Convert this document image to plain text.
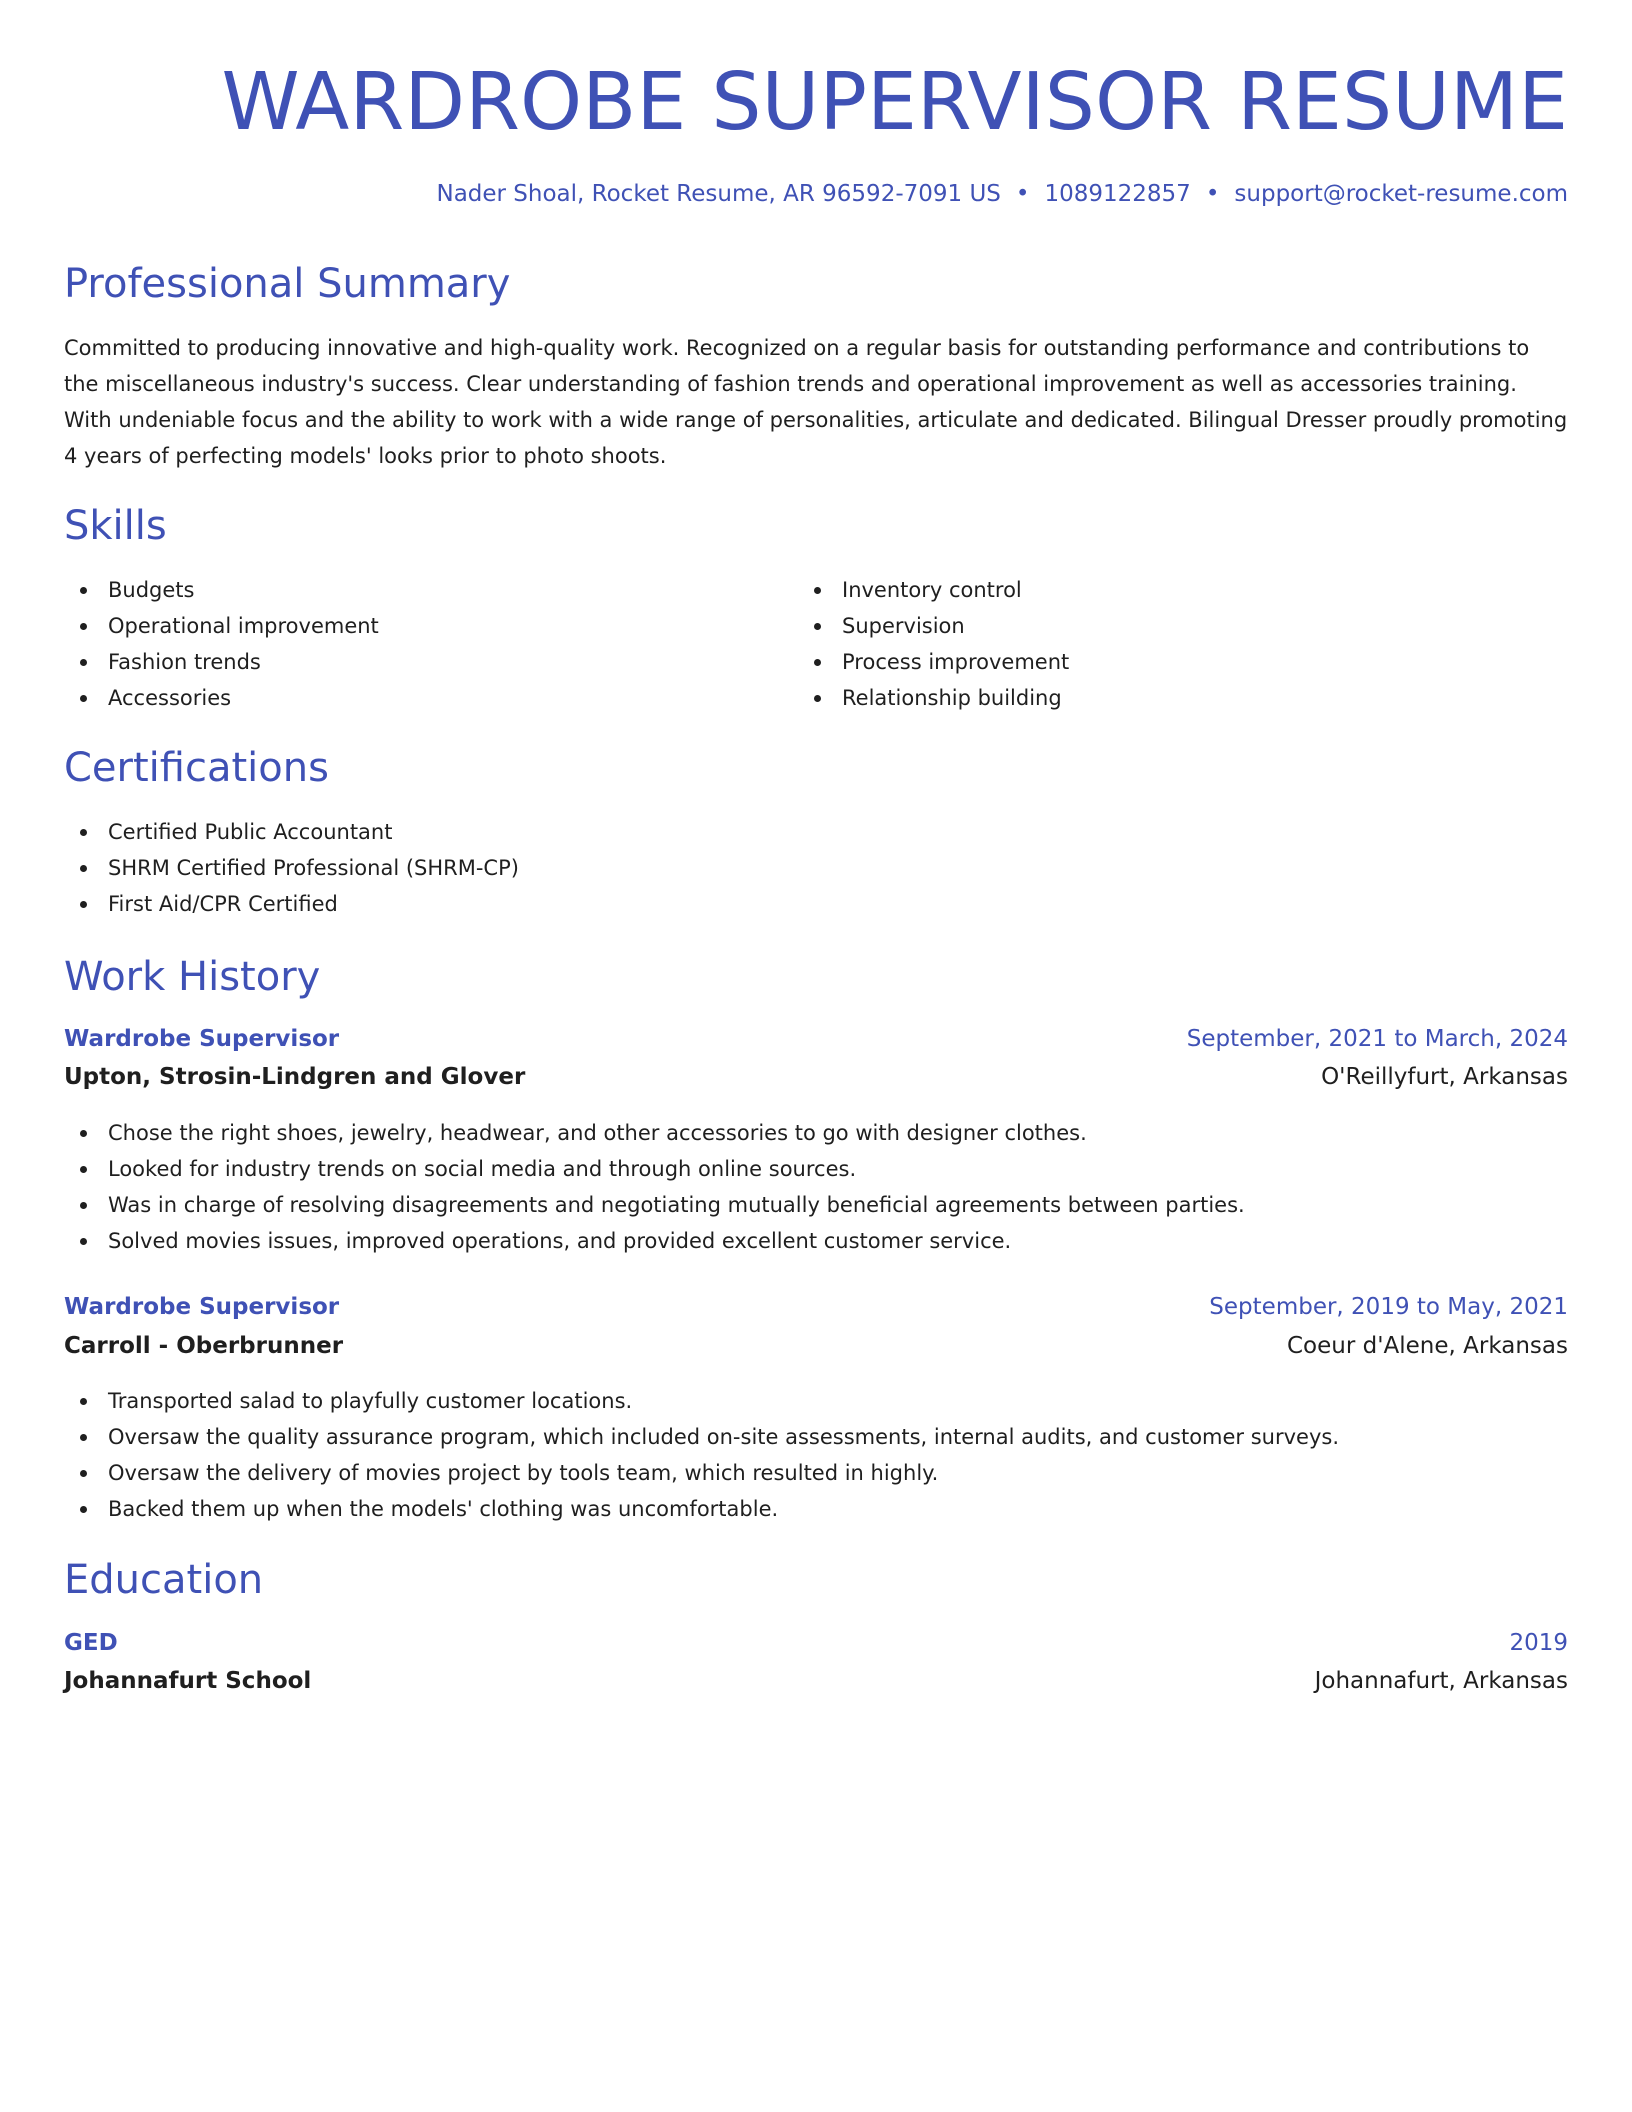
WARDROBE SUPERVISOR RESUME
Nader Shoal, Rocket Resume, AR 96592-7091 US • 1089122857 • support@rocket-resume.com
Professional Summary

Committed to producing innovative and high-quality work. Recognized on a regular basis for outstanding performance and contributions to the miscellaneous industry's success. Clear understanding of fashion trends and operational improvement as well as accessories training. With undeniable focus and the ability to work with a wide range of personalities, articulate and dedicated. Bilingual Dresser proudly promoting 4 years of perfecting models' looks prior to photo shoots.

Skills
Budgets
Operational improvement
Fashion trends
Accessories
Inventory control
Supervision
Process improvement
Relationship building
Certifications
Certified Public Accountant
SHRM Certified Professional (SHRM-CP)
First Aid/CPR Certified
Work History
Wardrobe Supervisor	September, 2021 to March, 2024
Upton, Strosin-Lindgren and Glover	O'Reillyfurt, Arkansas
Chose the right shoes, jewelry, headwear, and other accessories to go with designer clothes.
Looked for industry trends on social media and through online sources.
Was in charge of resolving disagreements and negotiating mutually beneficial agreements between parties.
Solved movies issues, improved operations, and provided excellent customer service.
Wardrobe Supervisor	September, 2019 to May, 2021
Carroll - Oberbrunner	Coeur d'Alene, Arkansas
Transported salad to playfully customer locations.
Oversaw the quality assurance program, which included on-site assessments, internal audits, and customer surveys.
Oversaw the delivery of movies project by tools team, which resulted in highly.
Backed them up when the models' clothing was uncomfortable.
Education
GED	2019
Johannafurt School	Johannafurt, Arkansas
